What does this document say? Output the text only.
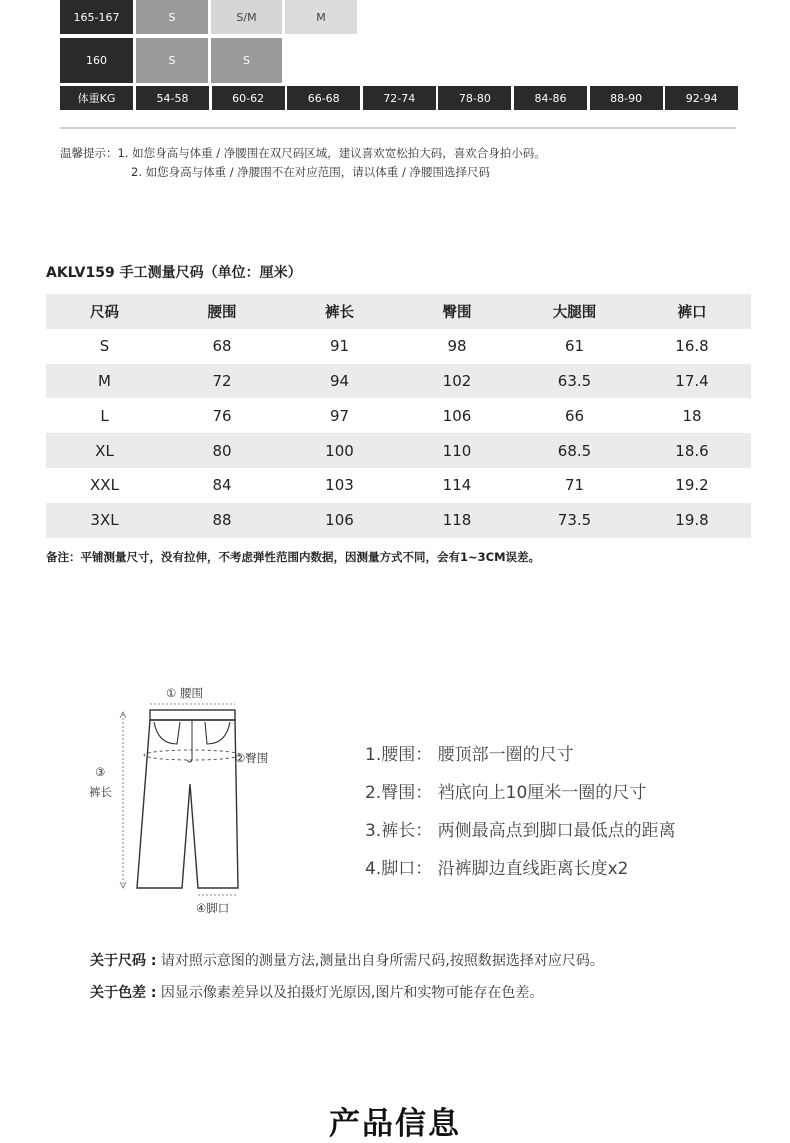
165-167	S	S/M	M
160	S	S
体重KG	54-58	60-62	66-68	72-74	78-80	84-86	88-90	92-94
温馨提示：1. 如您身高与体重 / 净腰围在双尺码区域，建议喜欢宽松拍大码，喜欢合身拍小码。
2. 如您身高与体重 / 净腰围不在对应范围，请以体重 / 净腰围选择尺码
AKLV159 手工测量尺码（单位：厘米）
尺码	腰围	裤长	臀围	大腿围	裤口
S	68	91	98	61	16.8
M	72	94	102	63.5	17.4
L	76	97	106	66	18
XL	80	100	110	68.5	18.6
XXL	84	103	114	71	19.2
3XL	88	106	118	73.5	19.8
备注：平铺测量尺寸，没有拉伸，不考虑弹性范围内数据，因测量方式不同，会有1~3CM误差。
① 腰围
②臀围
③
裤长
④脚口
1.腰围： 腰顶部一圈的尺寸
2.臀围： 裆底向上10厘米一圈的尺寸
3.裤长： 两侧最高点到脚口最低点的距离
4.脚口： 沿裤脚边直线距离长度x2
关于尺码 : 请对照示意图的测量方法,测量出自身所需尺码,按照数据选择对应尺码。
关于色差 : 因显示像素差异以及拍摄灯光原因,图片和实物可能存在色差。
产品信息
